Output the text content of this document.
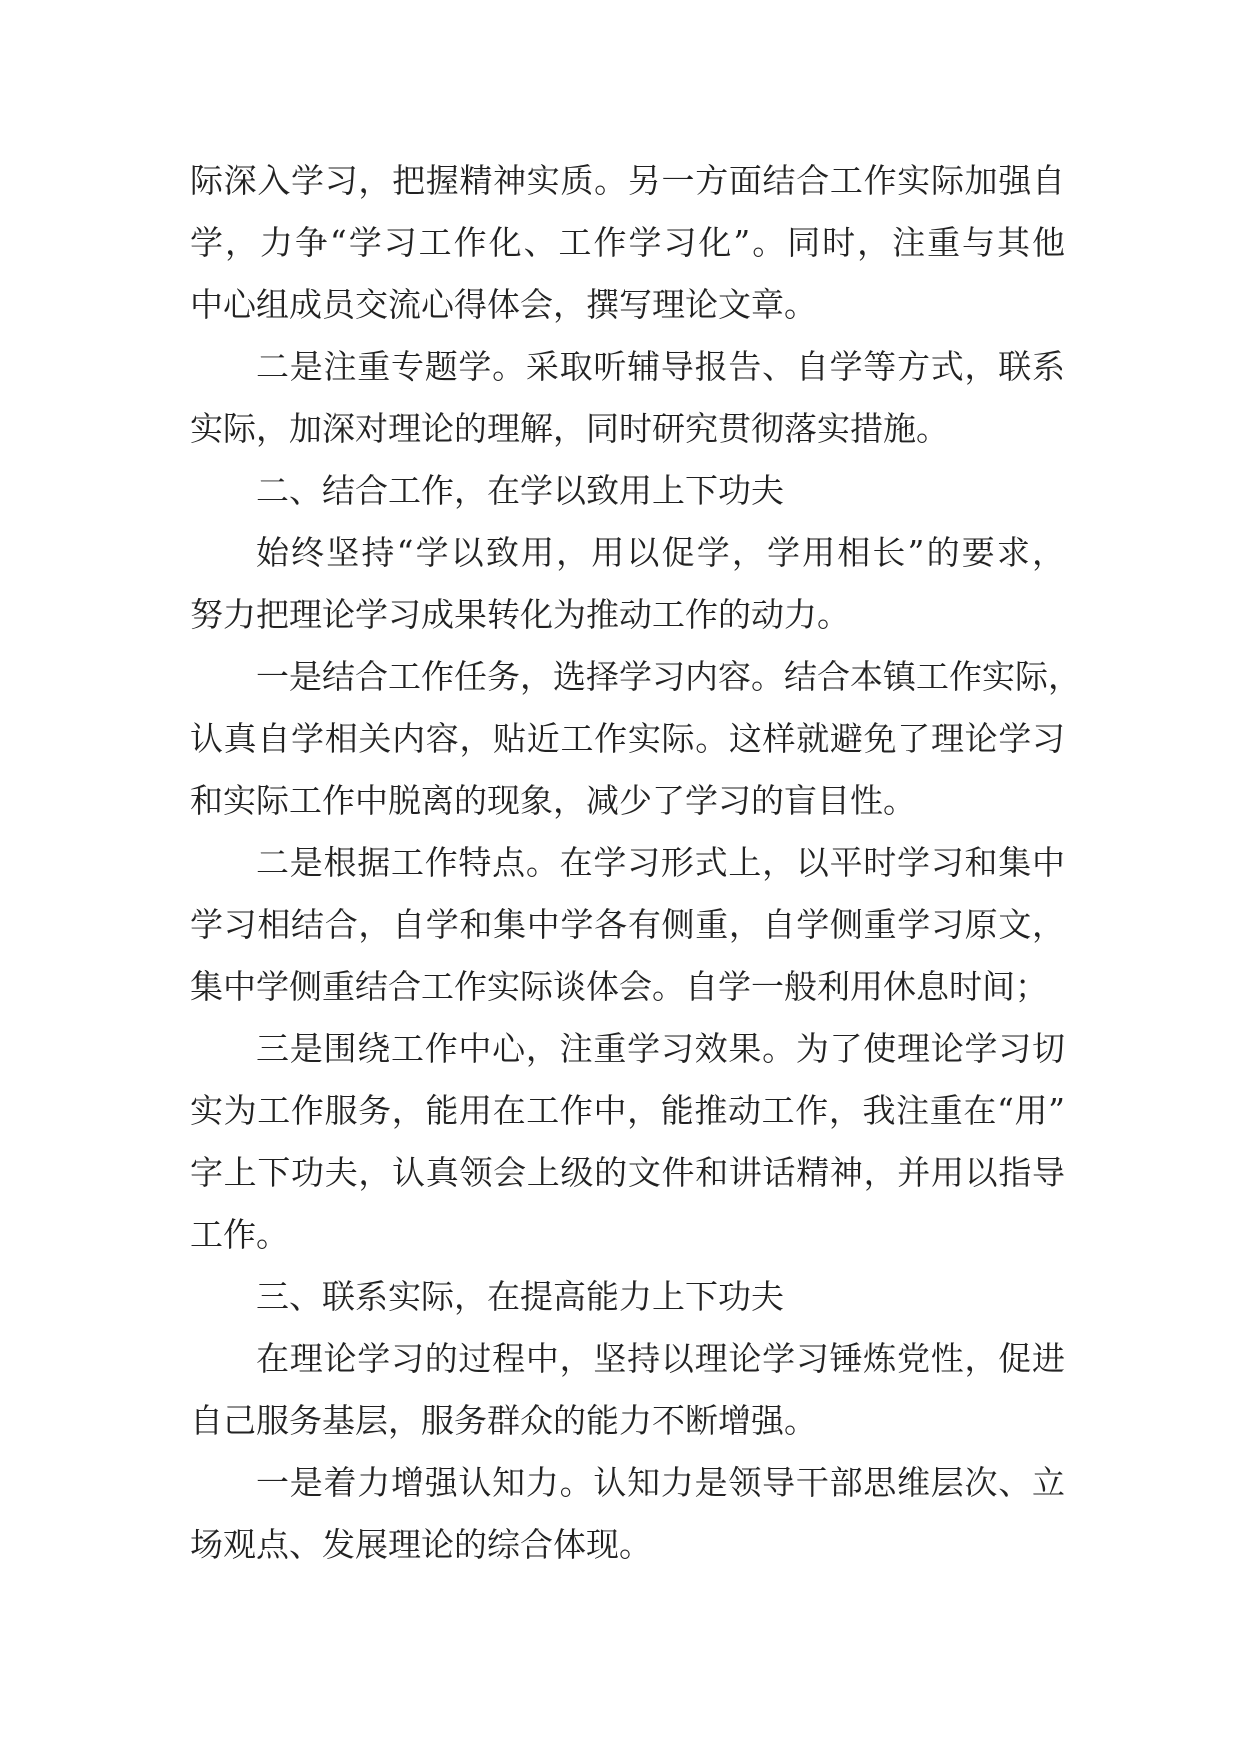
际深入学习，把握精神实质。另一方面结合工作实际加强自
学，力争“学习工作化、工作学习化”。同时，注重与其他
中心组成员交流心得体会，撰写理论文章。
二是注重专题学。采取听辅导报告、自学等方式，联系
实际，加深对理论的理解，同时研究贯彻落实措施。
二、结合工作，在学以致用上下功夫
始终坚持“学以致用，用以促学，学用相长”的要求，
努力把理论学习成果转化为推动工作的动力。
一是结合工作任务，选择学习内容。结合本镇工作实际，
认真自学相关内容，贴近工作实际。这样就避免了理论学习
和实际工作中脱离的现象，减少了学习的盲目性。
二是根据工作特点。在学习形式上，以平时学习和集中
学习相结合，自学和集中学各有侧重，自学侧重学习原文，
集中学侧重结合工作实际谈体会。自学一般利用休息时间；
三是围绕工作中心，注重学习效果。为了使理论学习切
实为工作服务，能用在工作中，能推动工作，我注重在“用”
字上下功夫，认真领会上级的文件和讲话精神，并用以指导
工作。
三、联系实际，在提高能力上下功夫
在理论学习的过程中，坚持以理论学习锤炼党性，促进
自己服务基层，服务群众的能力不断增强。
一是着力增强认知力。认知力是领导干部思维层次、立
场观点、发展理论的综合体现。
